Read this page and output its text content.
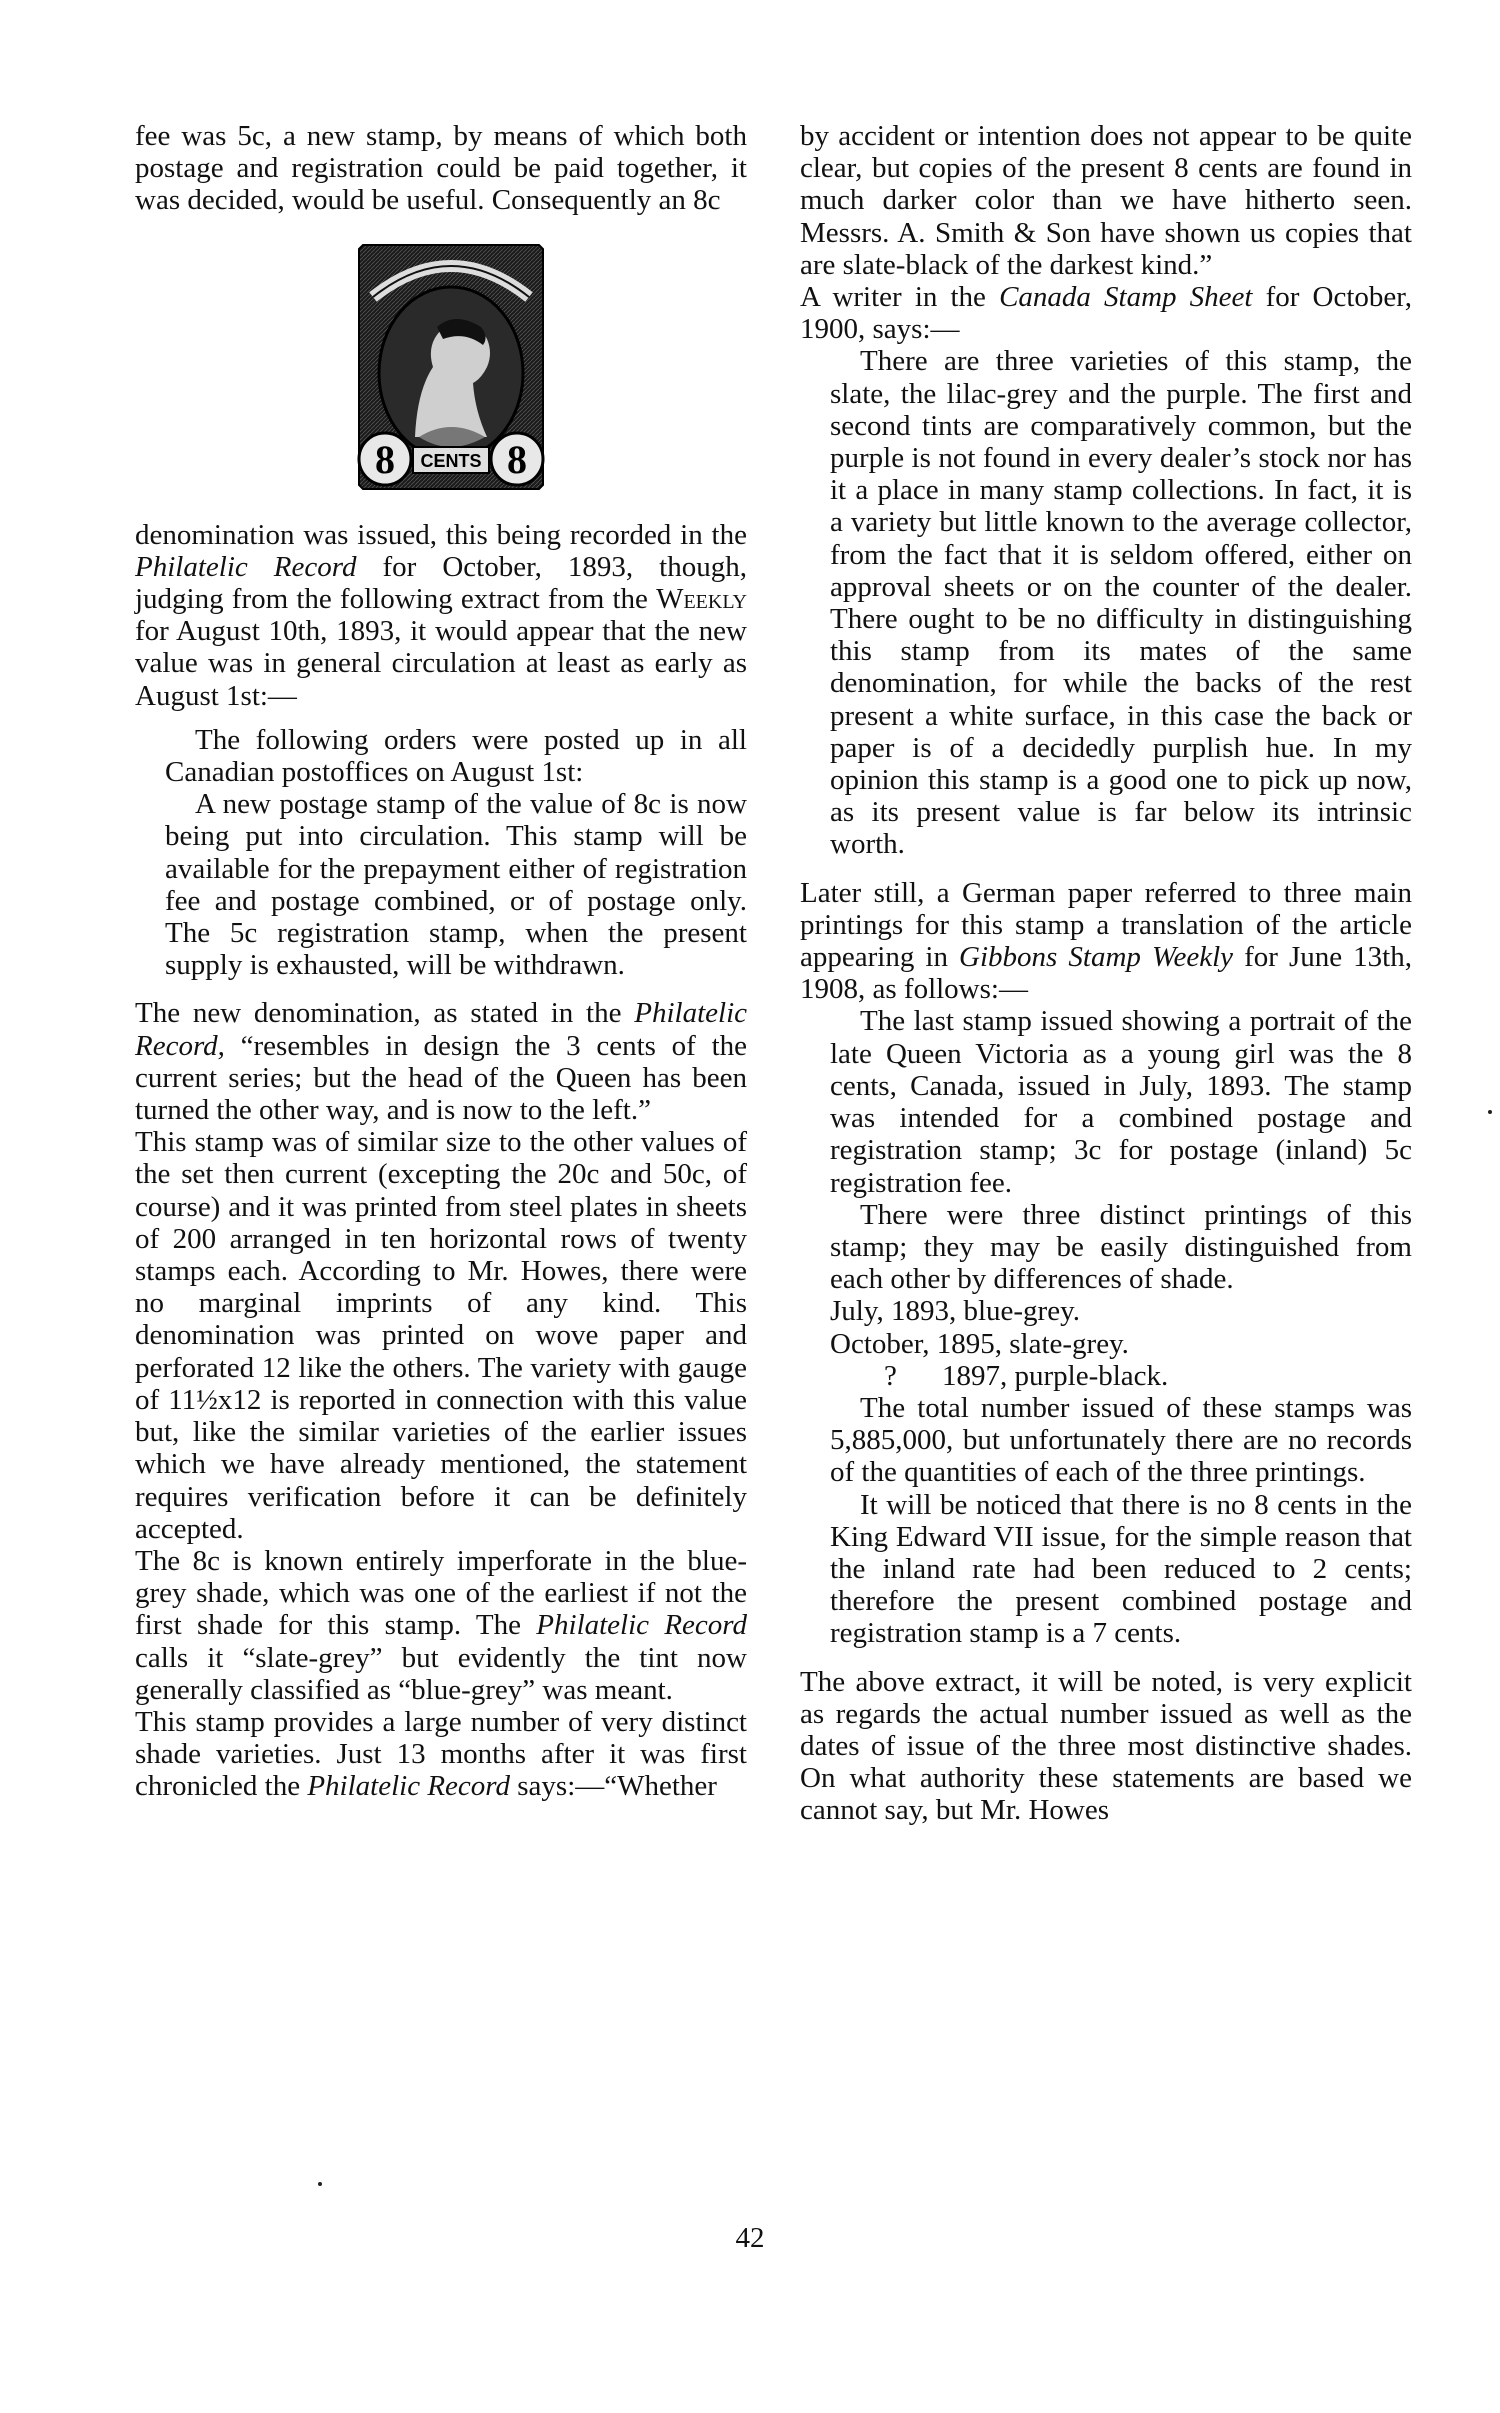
fee was 5c, a new stamp, by means of which both postage and registration could be paid together, it was decided, would be useful. Consequently an 8c

8	8
CENTS

denomination was issued, this being recorded in the Philatelic Record for October, 1893, though, judging from the following extract from the Weekly for August 10th, 1893, it would appear that the new value was in general circulation at least as early as August 1st:—

The following orders were posted up in all Canadian postoffices on August 1st:

A new postage stamp of the value of 8c is now being put into circulation. This stamp will be available for the prepayment either of registration fee and postage combined, or of postage only. The 5c registration stamp, when the present supply is exhausted, will be withdrawn.

The new denomination, as stated in the Philatelic Record, “resembles in design the 3 cents of the current series; but the head of the Queen has been turned the other way, and is now to the left.”

This stamp was of similar size to the other values of the set then current (excepting the 20c and 50c, of course) and it was printed from steel plates in sheets of 200 arranged in ten horizontal rows of twenty stamps each. According to Mr. Howes, there were no marginal imprints of any kind. This denomination was printed on wove paper and perforated 12 like the others. The variety with gauge of 11½x12 is reported in connection with this value but, like the similar varieties of the earlier issues which we have already mentioned, the statement requires verification before it can be definitely accepted.

The 8c is known entirely imperforate in the blue-grey shade, which was one of the earliest if not the first shade for this stamp. The Philatelic Record calls it “slate-grey” but evidently the tint now generally classified as “blue-grey” was meant.

This stamp provides a large number of very distinct shade varieties. Just 13 months after it was first chronicled the Philatelic Record says:—“Whether

by accident or intention does not appear to be quite clear, but copies of the present 8 cents are found in much darker color than we have hitherto seen. Messrs. A. Smith & Son have shown us copies that are slate-black of the darkest kind.”

A writer in the Canada Stamp Sheet for October, 1900, says:—

There are three varieties of this stamp, the slate, the lilac-grey and the purple. The first and second tints are comparatively common, but the purple is not found in every dealer’s stock nor has it a place in many stamp collections. In fact, it is a variety but little known to the average collector, from the fact that it is seldom offered, either on approval sheets or on the counter of the dealer. There ought to be no difficulty in distinguishing this stamp from its mates of the same denomination, for while the backs of the rest present a white surface, in this case the back or paper is of a decidedly purplish hue. In my opinion this stamp is a good one to pick up now, as its present value is far below its intrinsic worth.

Later still, a German paper referred to three main printings for this stamp a translation of the article appearing in Gibbons Stamp Weekly for June 13th, 1908, as follows:—

The last stamp issued showing a portrait of the late Queen Victoria as a young girl was the 8 cents, Canada, issued in July, 1893. The stamp was intended for a combined postage and registration stamp; 3c for postage (inland) 5c registration fee.

There were three distinct printings of this stamp; they may be easily distinguished from each other by differences of shade.

July, 1893, blue-grey.

October, 1895, slate-grey.

? 1897, purple-black.

The total number issued of these stamps was 5,885,000, but unfortunately there are no records of the quantities of each of the three printings.

It will be noticed that there is no 8 cents in the King Edward VII issue, for the simple reason that the inland rate had been reduced to 2 cents; therefore the present combined postage and registration stamp is a 7 cents.

The above extract, it will be noted, is very explicit as regards the actual number issued as well as the dates of issue of the three most distinctive shades. On what authority these statements are based we cannot say, but Mr. Howes

42
